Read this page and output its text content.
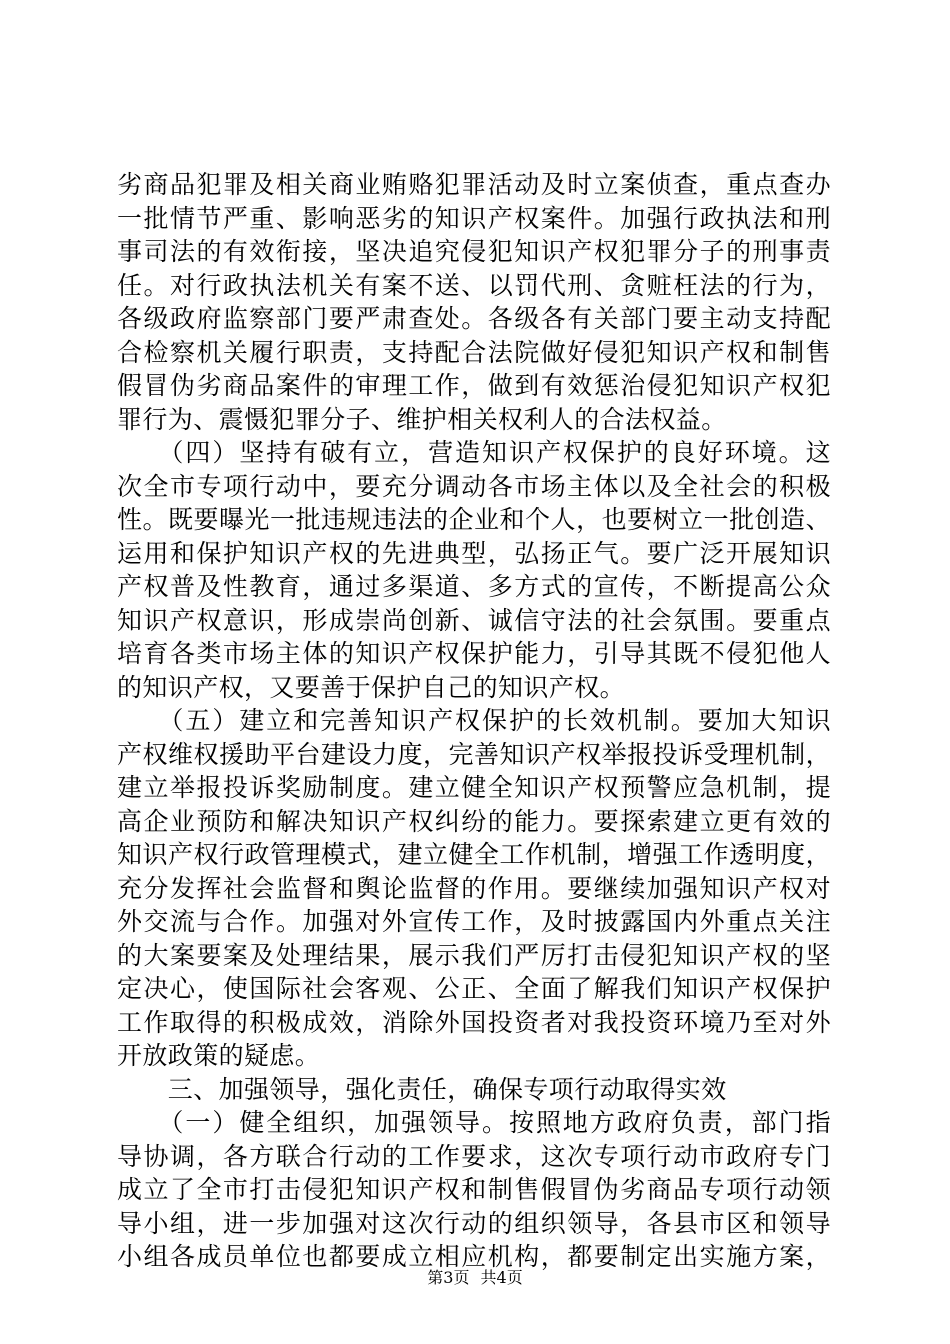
劣商品犯罪及相关商业贿赂犯罪活动及时立案侦查，重点查办
一批情节严重、影响恶劣的知识产权案件。加强行政执法和刑
事司法的有效衔接，坚决追究侵犯知识产权犯罪分子的刑事责
任。对行政执法机关有案不送、以罚代刑、贪赃枉法的行为，
各级政府监察部门要严肃查处。各级各有关部门要主动支持配
合检察机关履行职责，支持配合法院做好侵犯知识产权和制售
假冒伪劣商品案件的审理工作，做到有效惩治侵犯知识产权犯
罪行为、震慑犯罪分子、维护相关权利人的合法权益。
　　（四）坚持有破有立，营造知识产权保护的良好环境。这
次全市专项行动中，要充分调动各市场主体以及全社会的积极
性。既要曝光一批违规违法的企业和个人，也要树立一批创造、
运用和保护知识产权的先进典型，弘扬正气。要广泛开展知识
产权普及性教育，通过多渠道、多方式的宣传，不断提高公众
知识产权意识，形成崇尚创新、诚信守法的社会氛围。要重点
培育各类市场主体的知识产权保护能力，引导其既不侵犯他人
的知识产权，又要善于保护自己的知识产权。
　　（五）建立和完善知识产权保护的长效机制。要加大知识
产权维权援助平台建设力度，完善知识产权举报投诉受理机制，
建立举报投诉奖励制度。建立健全知识产权预警应急机制，提
高企业预防和解决知识产权纠纷的能力。要探索建立更有效的
知识产权行政管理模式，建立健全工作机制，增强工作透明度，
充分发挥社会监督和舆论监督的作用。要继续加强知识产权对
外交流与合作。加强对外宣传工作，及时披露国内外重点关注
的大案要案及处理结果，展示我们严厉打击侵犯知识产权的坚
定决心，使国际社会客观、公正、全面了解我们知识产权保护
工作取得的积极成效，消除外国投资者对我投资环境乃至对外
开放政策的疑虑。
　　三、加强领导，强化责任，确保专项行动取得实效
　　（一）健全组织，加强领导。按照地方政府负责，部门指
导协调，各方联合行动的工作要求，这次专项行动市政府专门
成立了全市打击侵犯知识产权和制售假冒伪劣商品专项行动领
导小组，进一步加强对这次行动的组织领导，各县市区和领导
小组各成员单位也都要成立相应机构，都要制定出实施方案，
第3页 共4页
